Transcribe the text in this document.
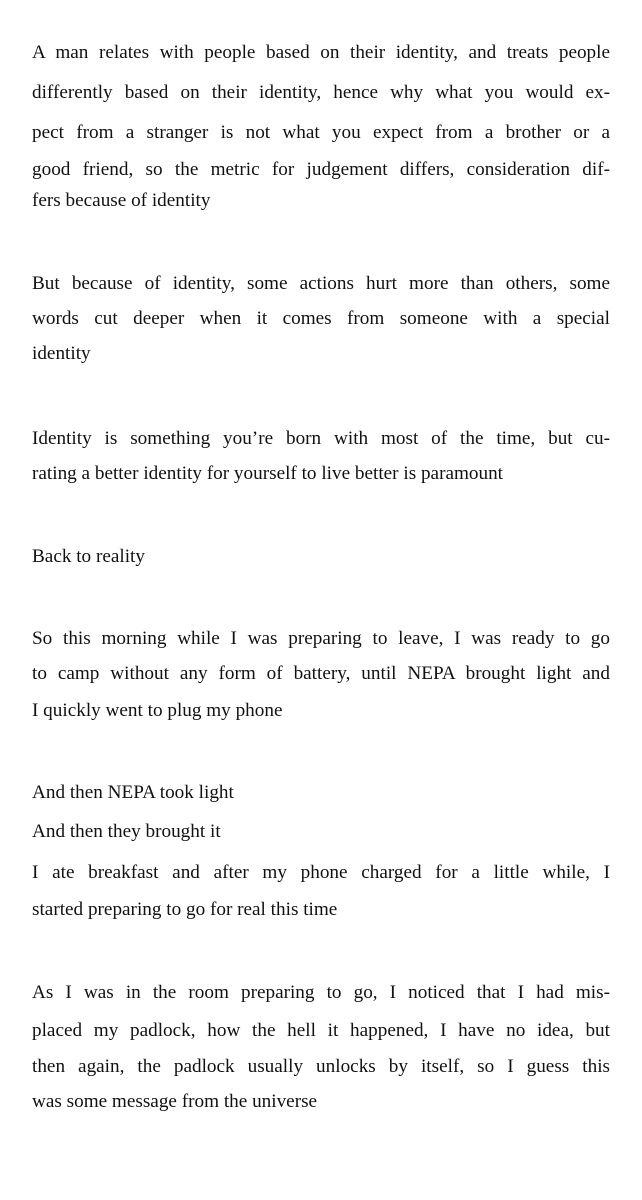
A man relates with people based on their identity, and treats people
differently based on their identity, hence why what you would ex-
pect from a stranger is not what you expect from a brother or a
good friend, so the metric for judgement differs, consideration dif-
fers because of identity
But because of identity, some actions hurt more than others, some
words cut deeper when it comes from someone with a special
identity
Identity is something you’re born with most of the time, but cu-
rating a better identity for yourself to live better is paramount
Back to reality
So this morning while I was preparing to leave, I was ready to go
to camp without any form of battery, until NEPA brought light and
I quickly went to plug my phone
And then NEPA took light
And then they brought it
I ate breakfast and after my phone charged for a little while, I
started preparing to go for real this time
As I was in the room preparing to go, I noticed that I had mis-
placed my padlock, how the hell it happened, I have no idea, but
then again, the padlock usually unlocks by itself, so I guess this
was some message from the universe
